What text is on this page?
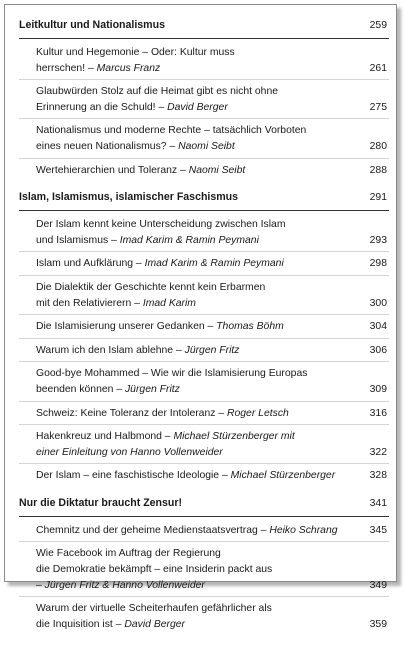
Leitkultur und Nationalismus	259
Kultur und Hegemonie – Oder: Kultur muss
herrschen! – Marcus Franz	261
Glaubwürden Stolz auf die Heimat gibt es nicht ohne
Erinnerung an die Schuld! – David Berger	275
Nationalismus und moderne Rechte – tatsächlich Vorboten
eines neuen Nationalismus? – Naomi Seibt	280
Wertehierarchien und Toleranz – Naomi Seibt	288
Islam, Islamismus, islamischer Faschismus	291
Der Islam kennt keine Unterscheidung zwischen Islam
und Islamismus – Imad Karim & Ramin Peymani	293
Islam und Aufklärung – Imad Karim & Ramin Peymani	298
Die Dialektik der Geschichte kennt kein Erbarmen
mit den Relativierern – Imad Karim	300
Die Islamisierung unserer Gedanken – Thomas Böhm	304
Warum ich den Islam ablehne – Jürgen Fritz	306
Good-bye Mohammed – Wie wir die Islamisierung Europas
beenden können – Jürgen Fritz	309
Schweiz: Keine Toleranz der Intoleranz – Roger Letsch	316
Hakenkreuz und Halbmond – Michael Stürzenberger mit
einer Einleitung von Hanno Vollenweider	322
Der Islam – eine faschistische Ideologie – Michael Stürzenberger	328
Nur die Diktatur braucht Zensur!	341
Chemnitz und der geheime Medienstaatsvertrag – Heiko Schrang	345
Wie Facebook im Auftrag der Regierung
die Demokratie bekämpft – eine Insiderin packt aus
– Jürgen Fritz & Hanno Vollenweider	349
Warum der virtuelle Scheiterhaufen gefährlicher als
die Inquisition ist – David Berger	359
